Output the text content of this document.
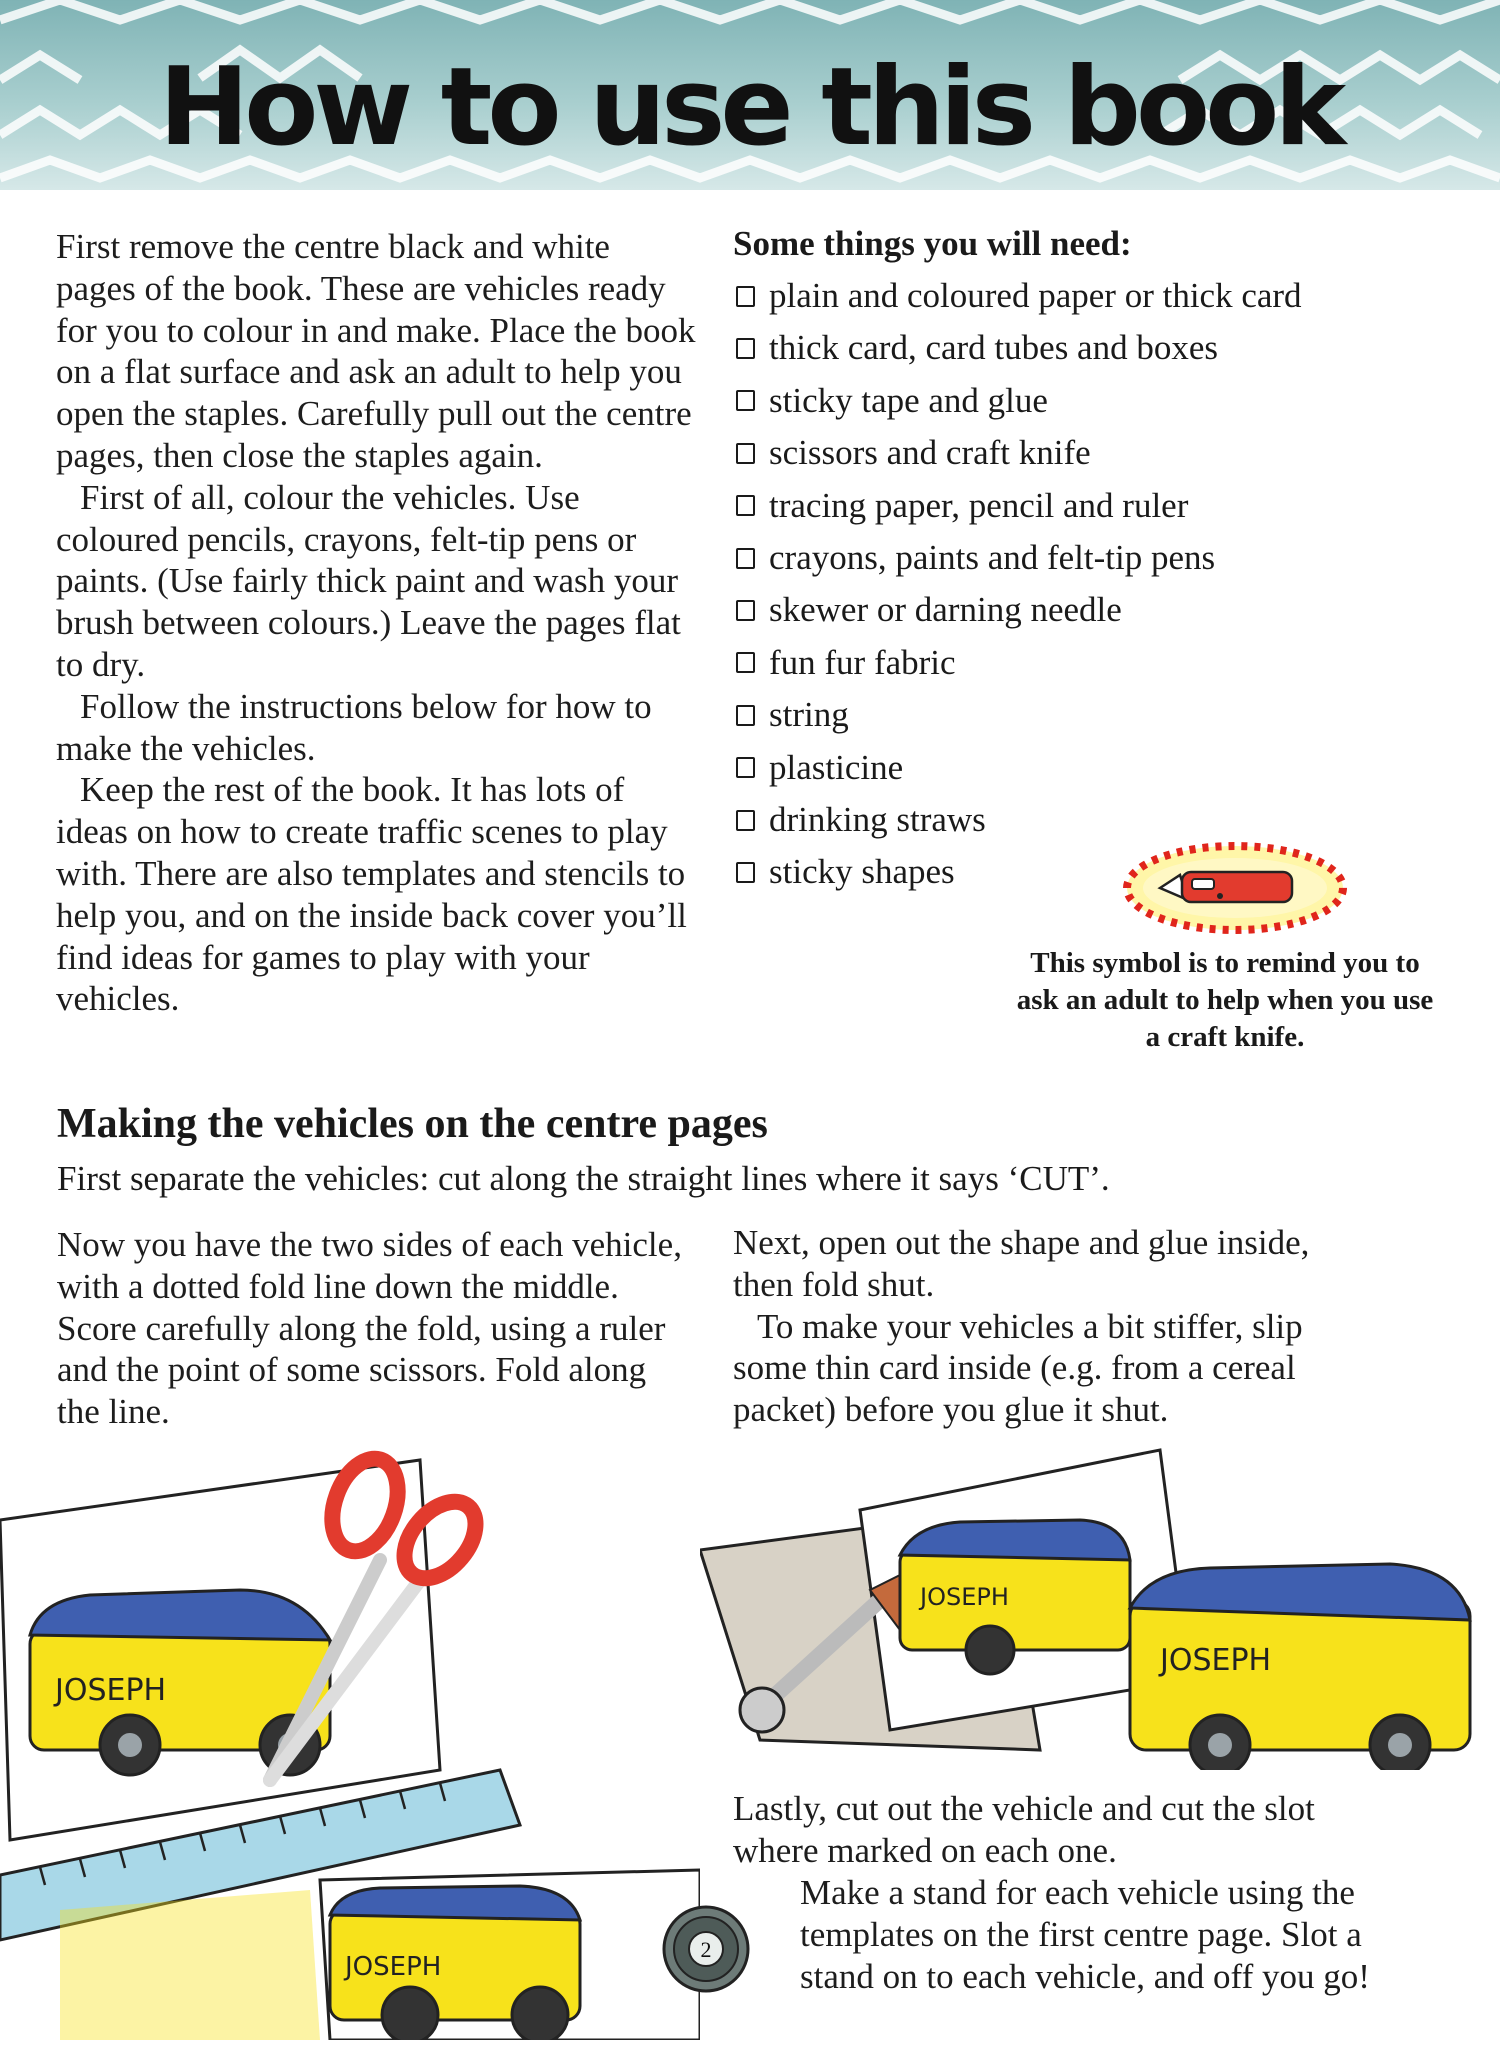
How to use this book

First remove the centre black and white pages of the book. These are vehicles ready for you to colour in and make. Place the book on a flat surface and ask an adult to help you open the staples. Carefully pull out the centre pages, then close the staples again.

First of all, colour the vehicles. Use coloured pencils, crayons, felt-tip pens or paints. (Use fairly thick paint and wash your brush between colours.) Leave the pages flat to dry.

Follow the instructions below for how to make the vehicles.

Keep the rest of the book. It has lots of ideas on how to create traffic scenes to play with. There are also templates and stencils to help you, and on the inside back cover you’ll find ideas for games to play with your vehicles.

Some things you will need:
plain and coloured paper or thick card
thick card, card tubes and boxes
sticky tape and glue
scissors and craft knife
tracing paper, pencil and ruler
crayons, paints and felt-tip pens
skewer or darning needle
fun fur fabric
string
plasticine
drinking straws
sticky shapes
This symbol is to remind you to ask an adult to help when you use a craft knife.
Making the vehicles on the centre pages
First separate the vehicles: cut along the straight lines where it says ‘CUT’.

Now you have the two sides of each vehicle, with a dotted fold line down the middle. Score carefully along the fold, using a ruler and the point of some scissors. Fold along the line.

Next, open out the shape and glue inside, then fold shut.

To make your vehicles a bit stiffer, slip some thin card inside (e.g. from a cereal packet) before you glue it shut.

Lastly, cut out the vehicle and cut the slot where marked on each one.

Make a stand for each vehicle using the templates on the first centre page. Slot a stand on to each vehicle, and off you go!

JOSEPH
JOSEPH
JOSEPH
JOSEPH
2
